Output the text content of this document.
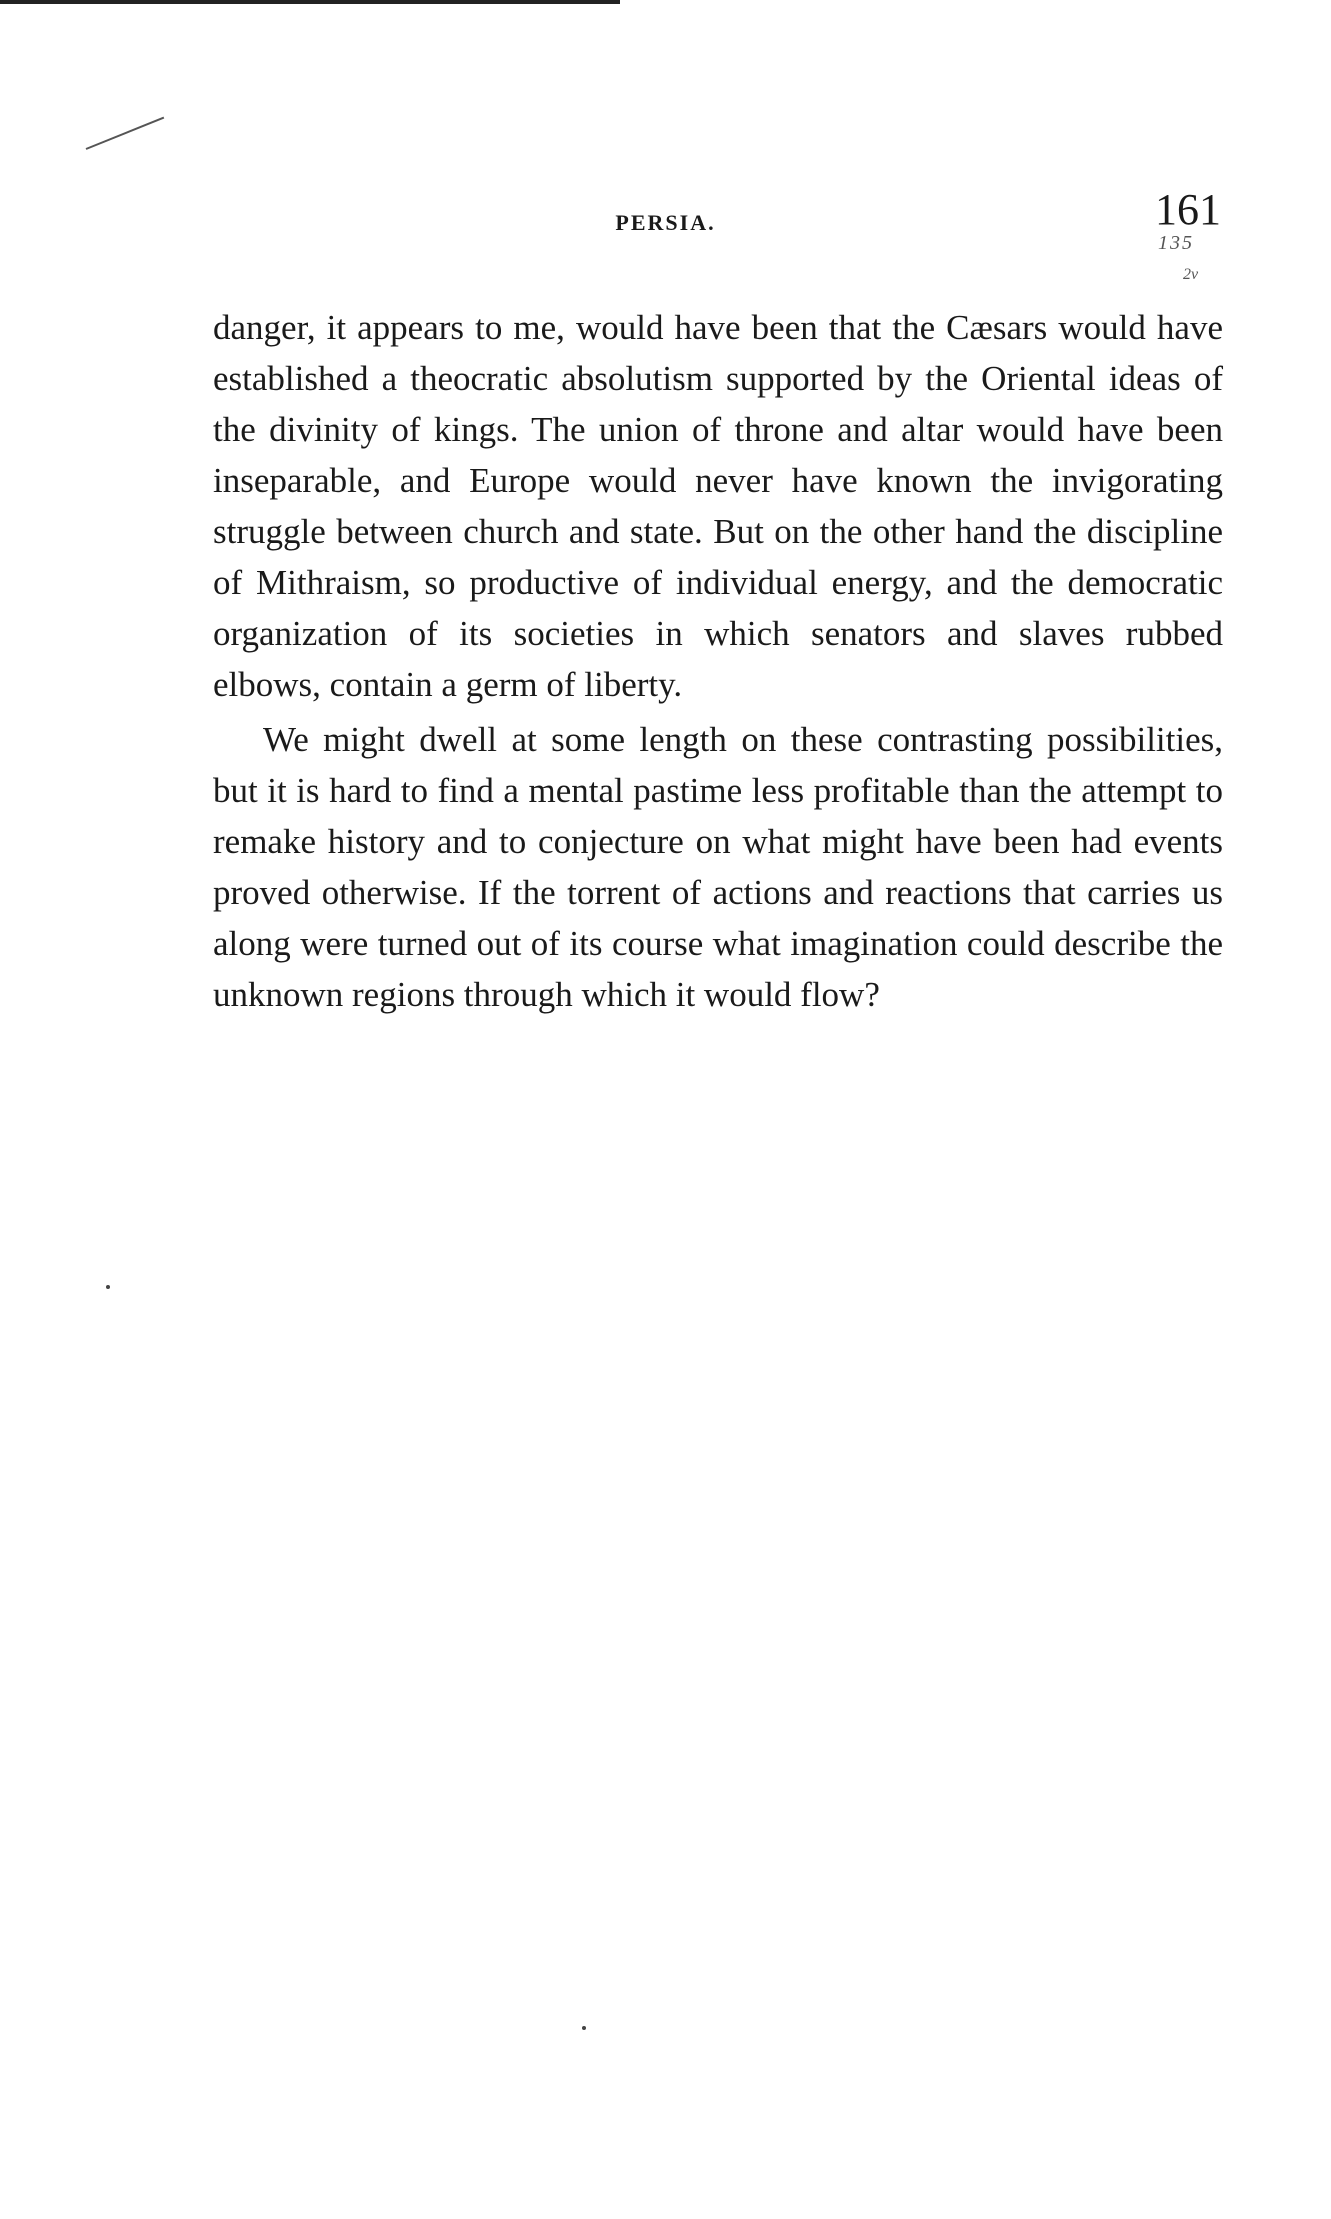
PERSIA.	161
135
2v

danger, it appears to me, would have been that the Cæsars would have established a theocratic absolutism supported by the Oriental ideas of the divinity of kings. The union of throne and altar would have been inseparable, and Europe would never have known the invigorating struggle between church and state. But on the other hand the discipline of Mithraism, so productive of individual energy, and the democratic organization of its societies in which senators and slaves rubbed elbows, contain a germ of liberty.

We might dwell at some length on these contrasting possibilities, but it is hard to find a mental pastime less profitable than the attempt to remake history and to conjecture on what might have been had events proved otherwise. If the torrent of actions and reactions that carries us along were turned out of its course what imagination could describe the unknown regions through which it would flow?
